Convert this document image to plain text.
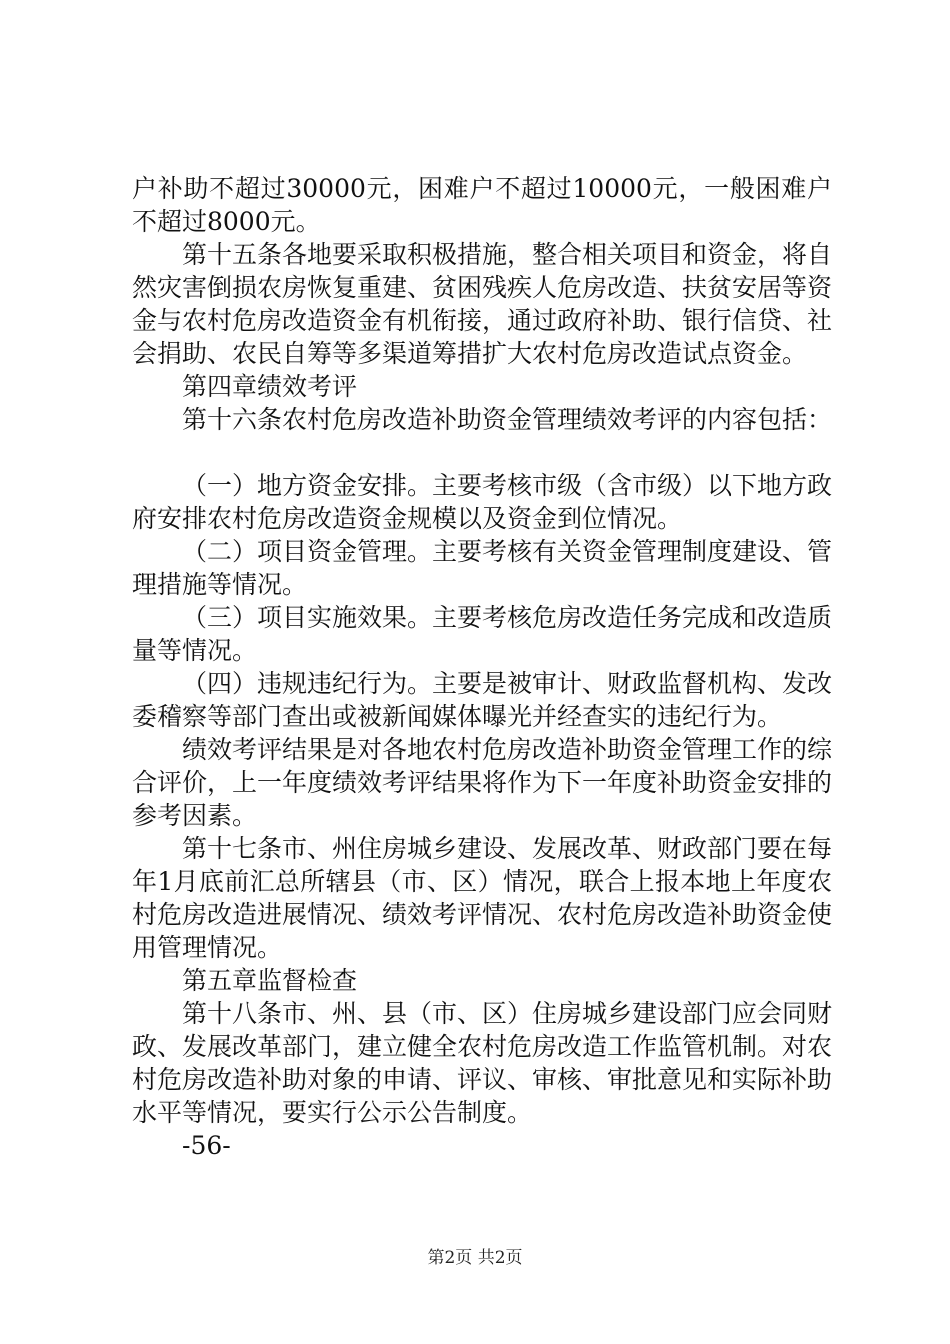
户补助不超过30000元，困难户不超过10000元，一般困难户不超过8000元。

第十五条各地要采取积极措施，整合相关项目和资金，将自然灾害倒损农房恢复重建、贫困残疾人危房改造、扶贫安居等资金与农村危房改造资金有机衔接，通过政府补助、银行信贷、社会捐助、农民自筹等多渠道筹措扩大农村危房改造试点资金。

第四章绩效考评

第十六条农村危房改造补助资金管理绩效考评的内容包括：

（一）地方资金安排。主要考核市级（含市级）以下地方政府安排农村危房改造资金规模以及资金到位情况。

（二）项目资金管理。主要考核有关资金管理制度建设、管理措施等情况。

（三）项目实施效果。主要考核危房改造任务完成和改造质量等情况。

（四）违规违纪行为。主要是被审计、财政监督机构、发改委稽察等部门查出或被新闻媒体曝光并经查实的违纪行为。

绩效考评结果是对各地农村危房改造补助资金管理工作的综合评价，上一年度绩效考评结果将作为下一年度补助资金安排的参考因素。

第十七条市、州住房城乡建设、发展改革、财政部门要在每年1月底前汇总所辖县（市、区）情况，联合上报本地上年度农村危房改造进展情况、绩效考评情况、农村危房改造补助资金使用管理情况。

第五章监督检查

第十八条市、州、县（市、区）住房城乡建设部门应会同财政、发展改革部门，建立健全农村危房改造工作监管机制。对农村危房改造补助对象的申请、评议、审核、审批意见和实际补助水平等情况，要实行公示公告制度。

-56-

第2页 共2页
